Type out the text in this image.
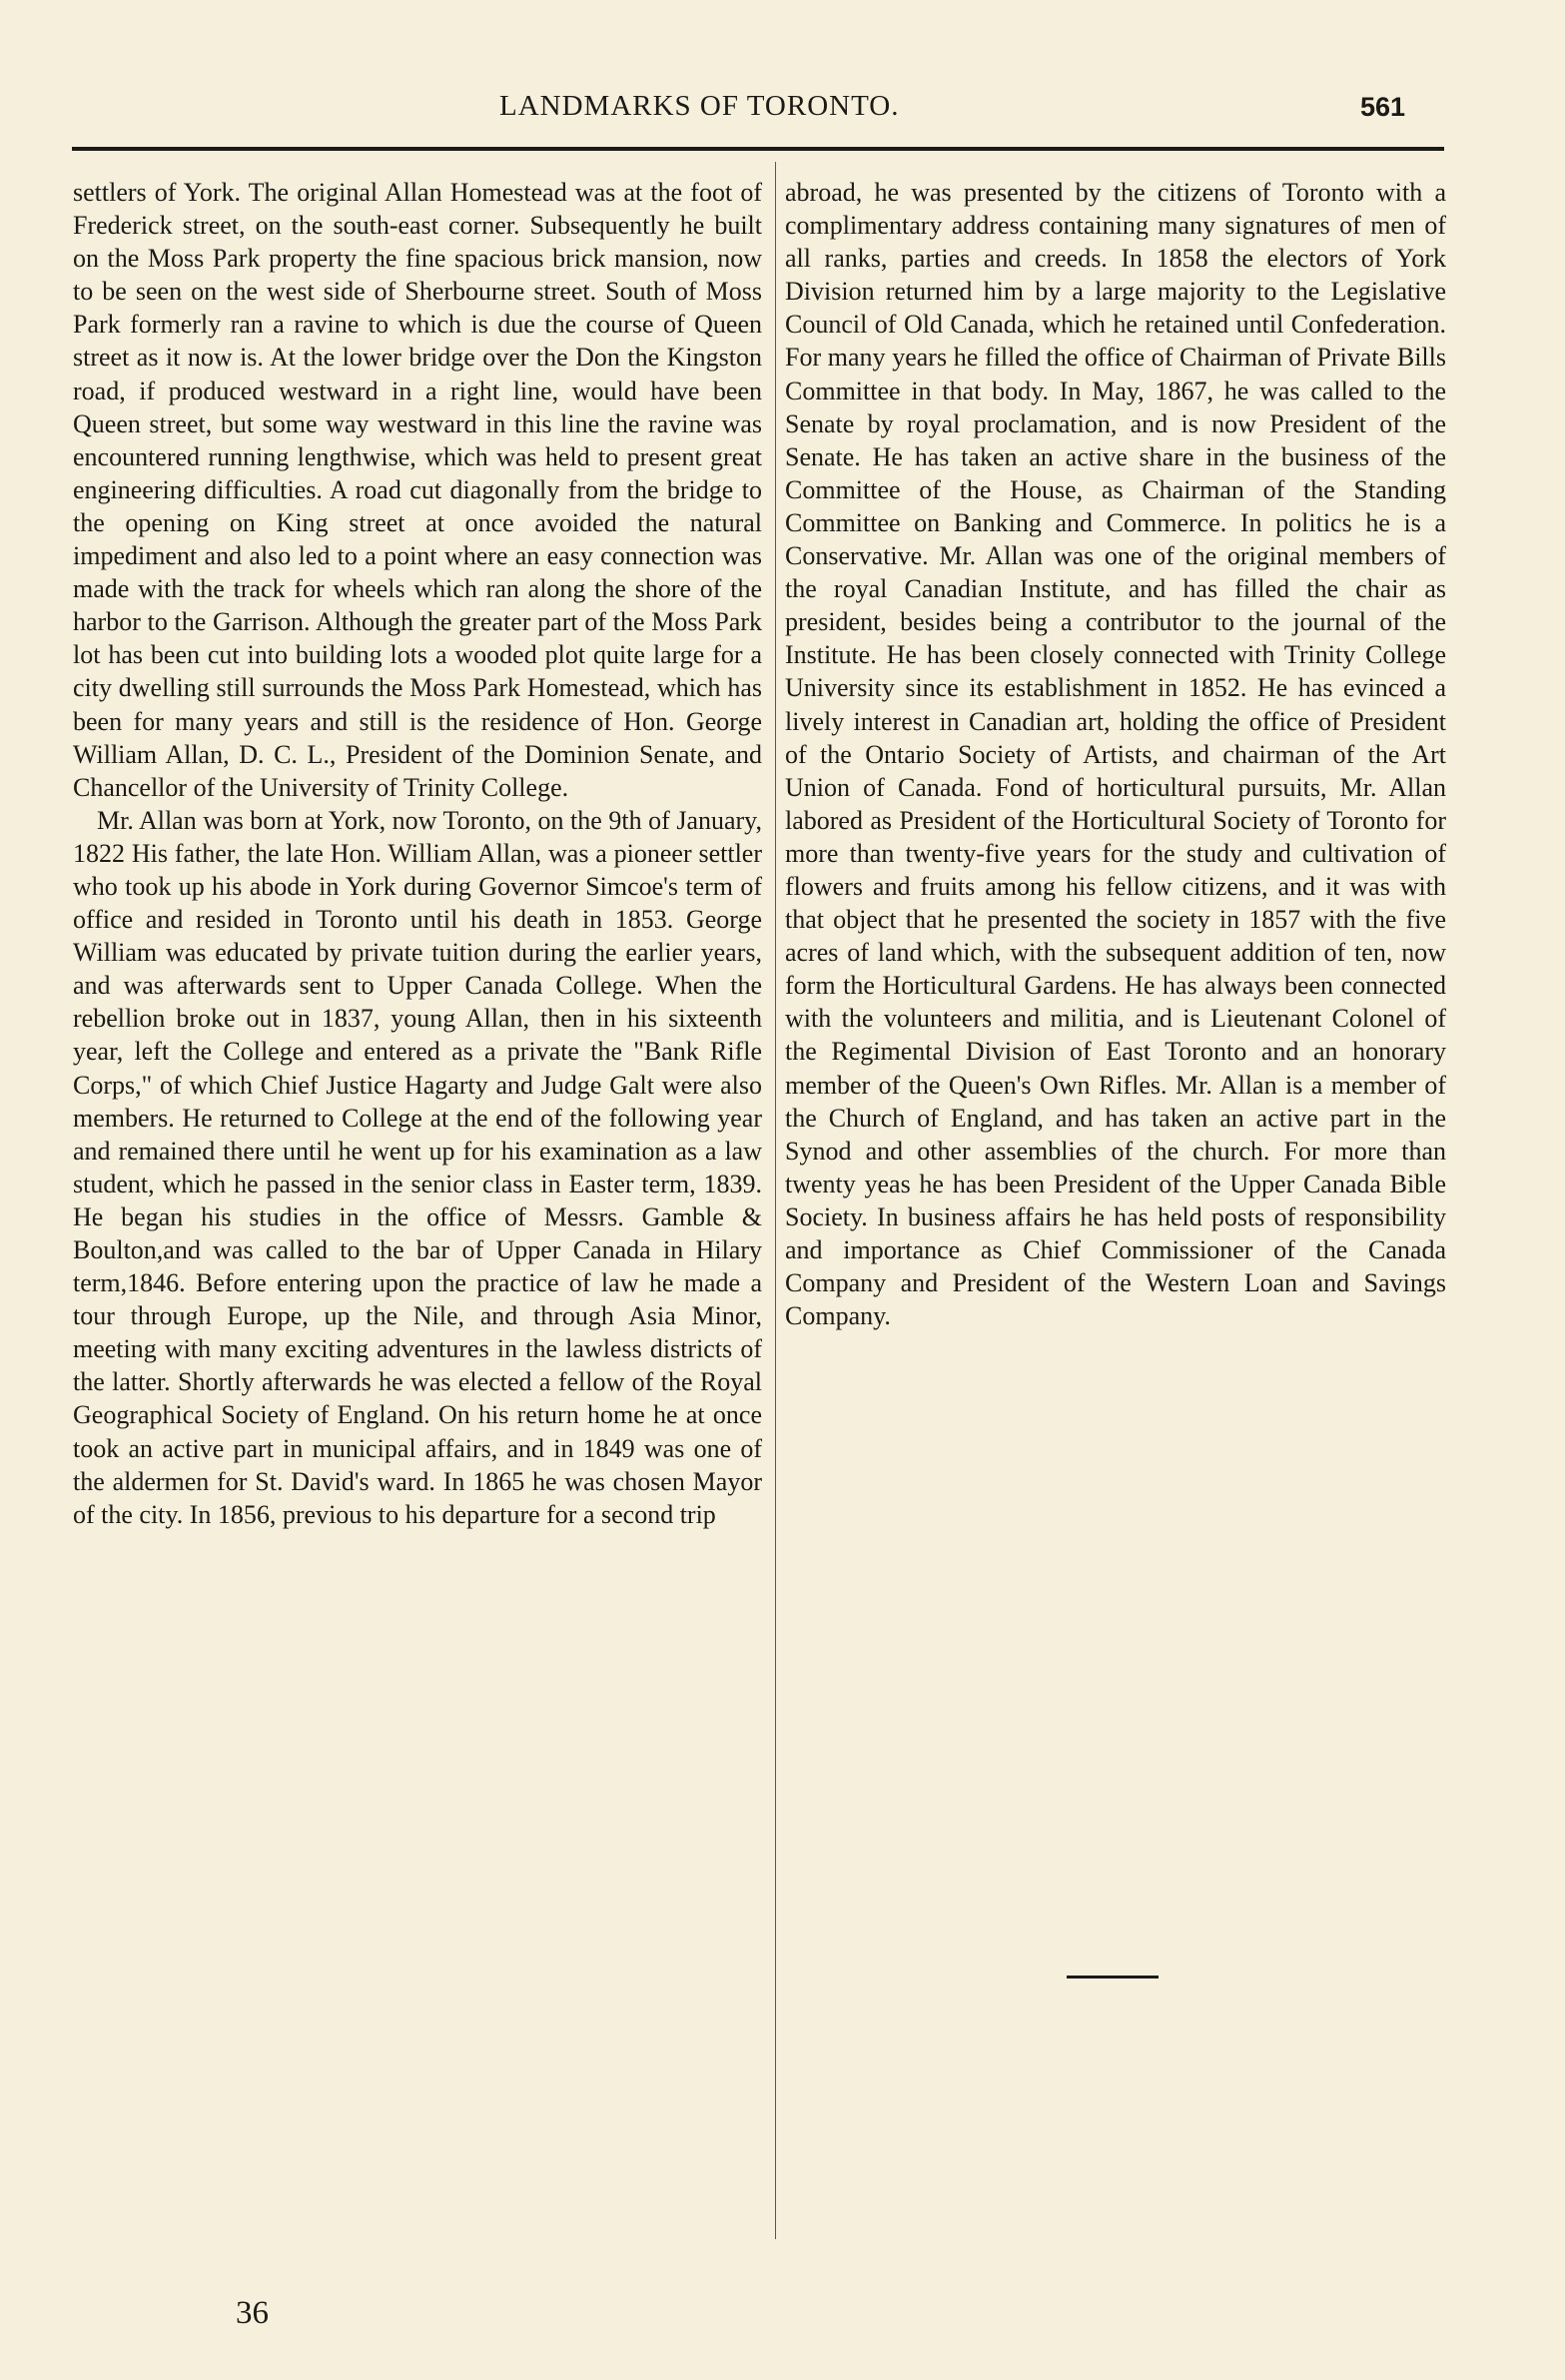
LANDMARKS OF TORONTO.	561

settlers of York. The original Allan Homestead was at the foot of Frederick street, on the south-east corner. Subsequently he built on the Moss Park property the fine spacious brick mansion, now to be seen on the west side of Sherbourne street. South of Moss Park formerly ran a ravine to which is due the course of Queen street as it now is. At the lower bridge over the Don the Kingston road, if produced westward in a right line, would have been Queen street, but some way westward in this line the ravine was encountered running lengthwise, which was held to present great engineering difficulties. A road cut diagonally from the bridge to the opening on King street at once avoided the natural impediment and also led to a point where an easy connection was made with the track for wheels which ran along the shore of the harbor to the Garrison. Although the greater part of the Moss Park lot has been cut into building lots a wooded plot quite large for a city dwelling still surrounds the Moss Park Homestead, which has been for many years and still is the residence of Hon. George William Allan, D. C. L., President of the Dominion Senate, and Chancellor of the University of Trinity College.

Mr. Allan was born at York, now Toronto, on the 9th of January, 1822 His father, the late Hon. William Allan, was a pioneer settler who took up his abode in York during Governor Simcoe's term of office and resided in Toronto until his death in 1853. George William was educated by private tuition during the earlier years, and was afterwards sent to Upper Canada College. When the rebellion broke out in 1837, young Allan, then in his sixteenth year, left the College and entered as a private the "Bank Rifle Corps," of which Chief Justice Hagarty and Judge Galt were also members. He returned to College at the end of the following year and remained there until he went up for his examination as a law student, which he passed in the senior class in Easter term, 1839. He began his studies in the office of Messrs. Gamble & Boulton,and was called to the bar of Upper Canada in Hilary term,1846. Before entering upon the practice of law he made a tour through Europe, up the Nile, and through Asia Minor, meeting with many exciting adventures in the lawless districts of the latter. Shortly afterwards he was elected a fellow of the Royal Geographical Society of England. On his return home he at once took an active part in municipal affairs, and in 1849 was one of the aldermen for St. David's ward. In 1865 he was chosen Mayor of the city. In 1856, previous to his departure for a second trip

abroad, he was presented by the citizens of Toronto with a complimentary address containing many signatures of men of all ranks, parties and creeds. In 1858 the electors of York Division returned him by a large majority to the Legislative Council of Old Canada, which he retained until Confederation. For many years he filled the office of Chairman of Private Bills Committee in that body. In May, 1867, he was called to the Senate by royal proclamation, and is now President of the Senate. He has taken an active share in the business of the Committee of the House, as Chairman of the Standing Committee on Banking and Commerce. In politics he is a Conservative. Mr. Allan was one of the original members of the royal Canadian Institute, and has filled the chair as president, besides being a contributor to the journal of the Institute. He has been closely connected with Trinity College University since its establishment in 1852. He has evinced a lively interest in Canadian art, holding the office of President of the Ontario Society of Artists, and chairman of the Art Union of Canada. Fond of horticultural pursuits, Mr. Allan labored as President of the Horticultural Society of Toronto for more than twenty-five years for the study and cultivation of flowers and fruits among his fellow citizens, and it was with that object that he presented the society in 1857 with the five acres of land which, with the subsequent addition of ten, now form the Horticultural Gardens. He has always been connected with the volunteers and militia, and is Lieutenant Colonel of the Regimental Division of East Toronto and an honorary member of the Queen's Own Rifles. Mr. Allan is a member of the Church of England, and has taken an active part in the Synod and other assemblies of the church. For more than twenty yeas he has been President of the Upper Canada Bible Society. In business affairs he has held posts of responsibility and importance as Chief Commissioner of the Canada Company and President of the Western Loan and Savings Company.

36
